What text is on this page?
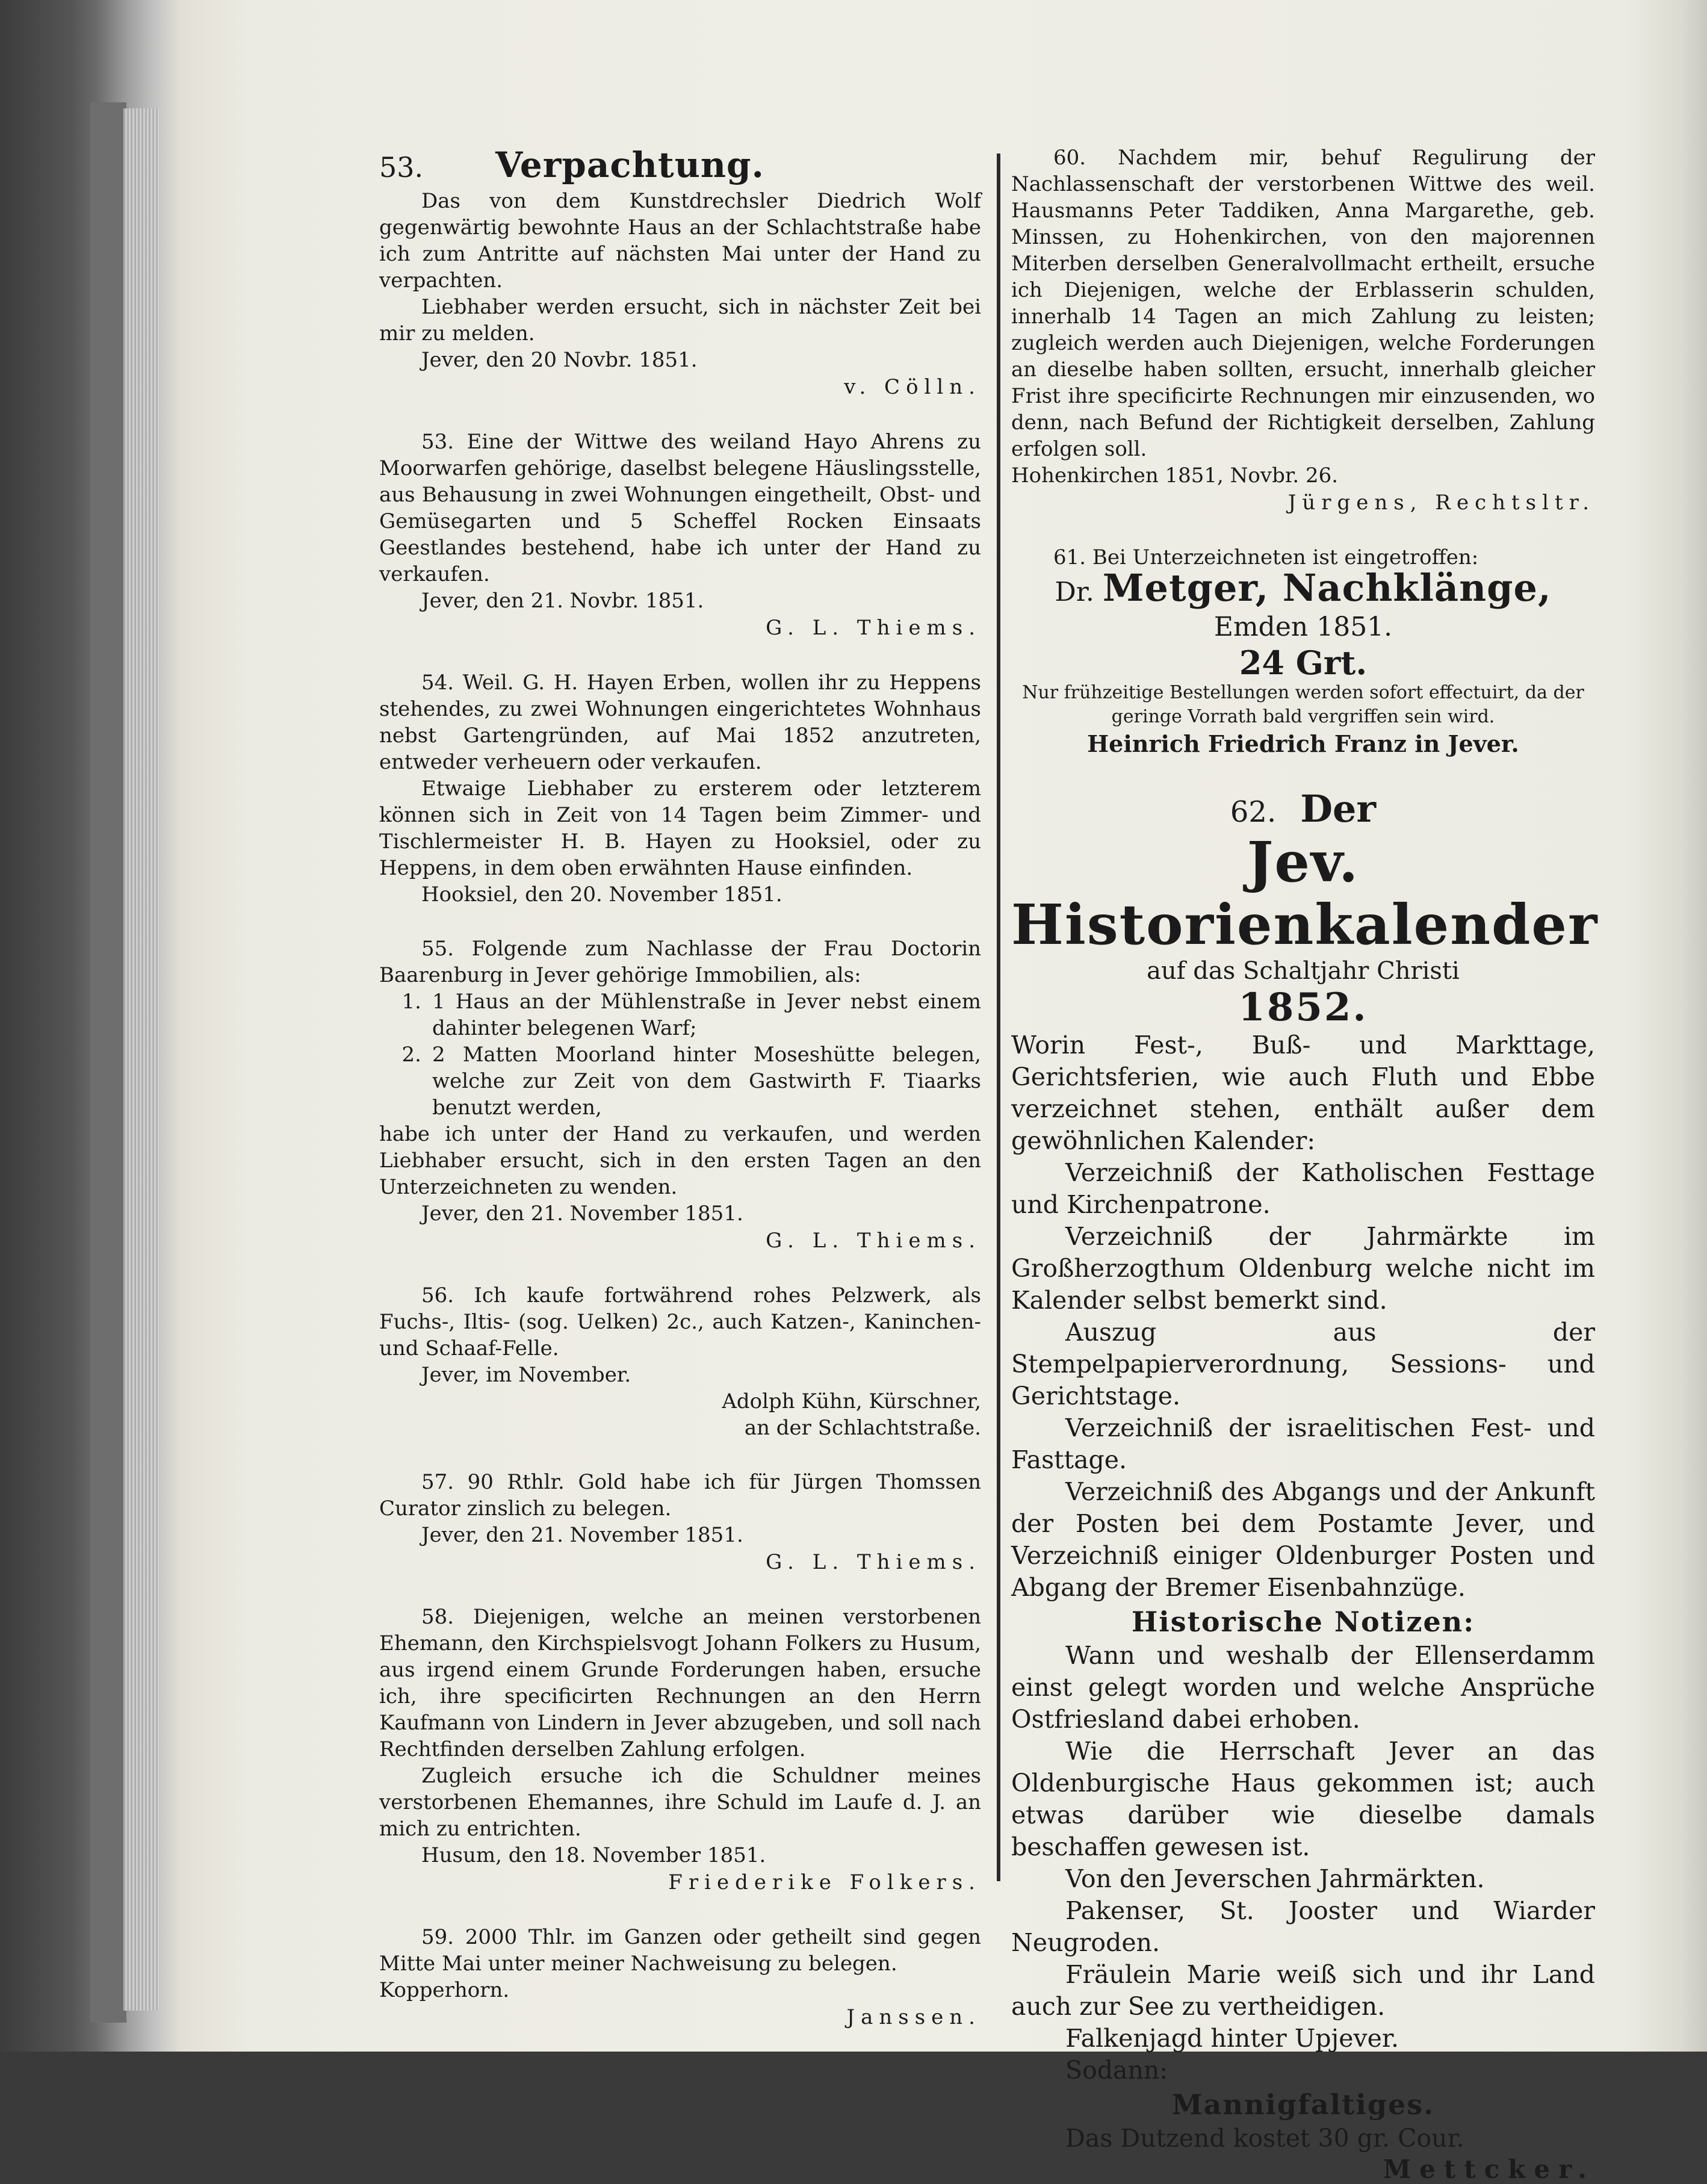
53. Verpachtung.

Das von dem Kunstdrechsler Diedrich Wolf gegenwärtig bewohnte Haus an der Schlachtstraße habe ich zum Antritte auf nächsten Mai unter der Hand zu verpachten.

Liebhaber werden ersucht, sich in nächster Zeit bei mir zu melden.

Jever, den 20 Novbr. 1851.

v. Cölln.

53. Eine der Wittwe des weiland Hayo Ahrens zu Moorwarfen gehörige, daselbst belegene Häuslingsstelle, aus Behausung in zwei Wohnungen eingetheilt, Obst- und Gemüsegarten und 5 Scheffel Rocken Einsaats Geestlandes bestehend, habe ich unter der Hand zu verkaufen.

Jever, den 21. Novbr. 1851.

G. L. Thiems.

54. Weil. G. H. Hayen Erben, wollen ihr zu Heppens stehendes, zu zwei Wohnungen eingerichtetes Wohnhaus nebst Gartengründen, auf Mai 1852 anzutreten, entweder verheuern oder verkaufen.

Etwaige Liebhaber zu ersterem oder letzterem können sich in Zeit von 14 Tagen beim Zimmer- und Tischlermeister H. B. Hayen zu Hooksiel, oder zu Heppens, in dem oben erwähnten Hause einfinden.

Hooksiel, den 20. November 1851.

55. Folgende zum Nachlasse der Frau Doctorin Baarenburg in Jever gehörige Immobilien, als:

1. 1 Haus an der Mühlenstraße in Jever nebst einem dahinter belegenen Warf;
2. 2 Matten Moorland hinter Moseshütte belegen, welche zur Zeit von dem Gastwirth F. Tiaarks benutzt werden,

habe ich unter der Hand zu verkaufen, und werden Liebhaber ersucht, sich in den ersten Tagen an den Unterzeichneten zu wenden.

Jever, den 21. November 1851.

G. L. Thiems.

56. Ich kaufe fortwährend rohes Pelzwerk, als Fuchs-, Iltis- (sog. Uelken) 2c., auch Katzen-, Kaninchen- und Schaaf-Felle.

Jever, im November.

Adolph Kühn, Kürschner,

an der Schlachtstraße.

57. 90 Rthlr. Gold habe ich für Jürgen Thomssen Curator zinslich zu belegen.

Jever, den 21. November 1851.

G. L. Thiems.

58. Diejenigen, welche an meinen verstorbenen Ehemann, den Kirchspielsvogt Johann Folkers zu Husum, aus irgend einem Grunde Forderungen haben, ersuche ich, ihre specificirten Rechnungen an den Herrn Kaufmann von Lindern in Jever abzugeben, und soll nach Rechtfinden derselben Zahlung erfolgen.

Zugleich ersuche ich die Schuldner meines verstorbenen Ehemannes, ihre Schuld im Laufe d. J. an mich zu entrichten.

Husum, den 18. November 1851.

Friederike Folkers.

59. 2000 Thlr. im Ganzen oder getheilt sind gegen Mitte Mai unter meiner Nachweisung zu belegen.

Kopperhorn.

Janssen.

60. Nachdem mir, behuf Regulirung der Nachlassenschaft der verstorbenen Wittwe des weil. Hausmanns Peter Taddiken, Anna Margarethe, geb. Minssen, zu Hohenkirchen, von den majorennen Miterben derselben Generalvollmacht ertheilt, ersuche ich Diejenigen, welche der Erblasserin schulden, innerhalb 14 Tagen an mich Zahlung zu leisten; zugleich werden auch Diejenigen, welche Forderungen an dieselbe haben sollten, ersucht, innerhalb gleicher Frist ihre specificirte Rechnungen mir einzusenden, wo denn, nach Befund der Richtigkeit derselben, Zahlung erfolgen soll.

Hohenkirchen 1851, Novbr. 26.

Jürgens, Rechtsltr.

61. Bei Unterzeichneten ist eingetroffen:

Dr. Metger, Nachklänge, Emden 1851.
24 Grt.

Nur frühzeitige Bestellungen werden sofort effectuirt, da der geringe Vorrath bald vergriffen sein wird.

Heinrich Friedrich Franz in Jever.
62. Der
Jev. Historienkalender
auf das Schaltjahr Christi
1852.

Worin Fest-, Buß- und Markttage, Gerichtsferien, wie auch Fluth und Ebbe verzeichnet stehen, enthält außer dem gewöhnlichen Kalender:

Verzeichniß der Katholischen Festtage und Kirchenpatrone.

Verzeichniß der Jahrmärkte im Großherzogthum Oldenburg welche nicht im Kalender selbst bemerkt sind.

Auszug aus der Stempelpapierverordnung, Sessions- und Gerichtstage.

Verzeichniß der israelitischen Fest- und Fasttage.

Verzeichniß des Abgangs und der Ankunft der Posten bei dem Postamte Jever, und Verzeichniß einiger Oldenburger Posten und Abgang der Bremer Eisenbahnzüge.

Historische Notizen:

Wann und weshalb der Ellenserdamm einst gelegt worden und welche Ansprüche Ostfriesland dabei erhoben.

Wie die Herrschaft Jever an das Oldenburgische Haus gekommen ist; auch etwas darüber wie dieselbe damals beschaffen gewesen ist.

Von den Jeverschen Jahrmärkten.

Pakenser, St. Jooster und Wiarder Neugroden.

Fräulein Marie weiß sich und ihr Land auch zur See zu vertheidigen.

Falkenjagd hinter Upjever.

Sodann:

Mannigfaltiges.

Das Dutzend kostet 30 gr. Cour.

Mettcker.
